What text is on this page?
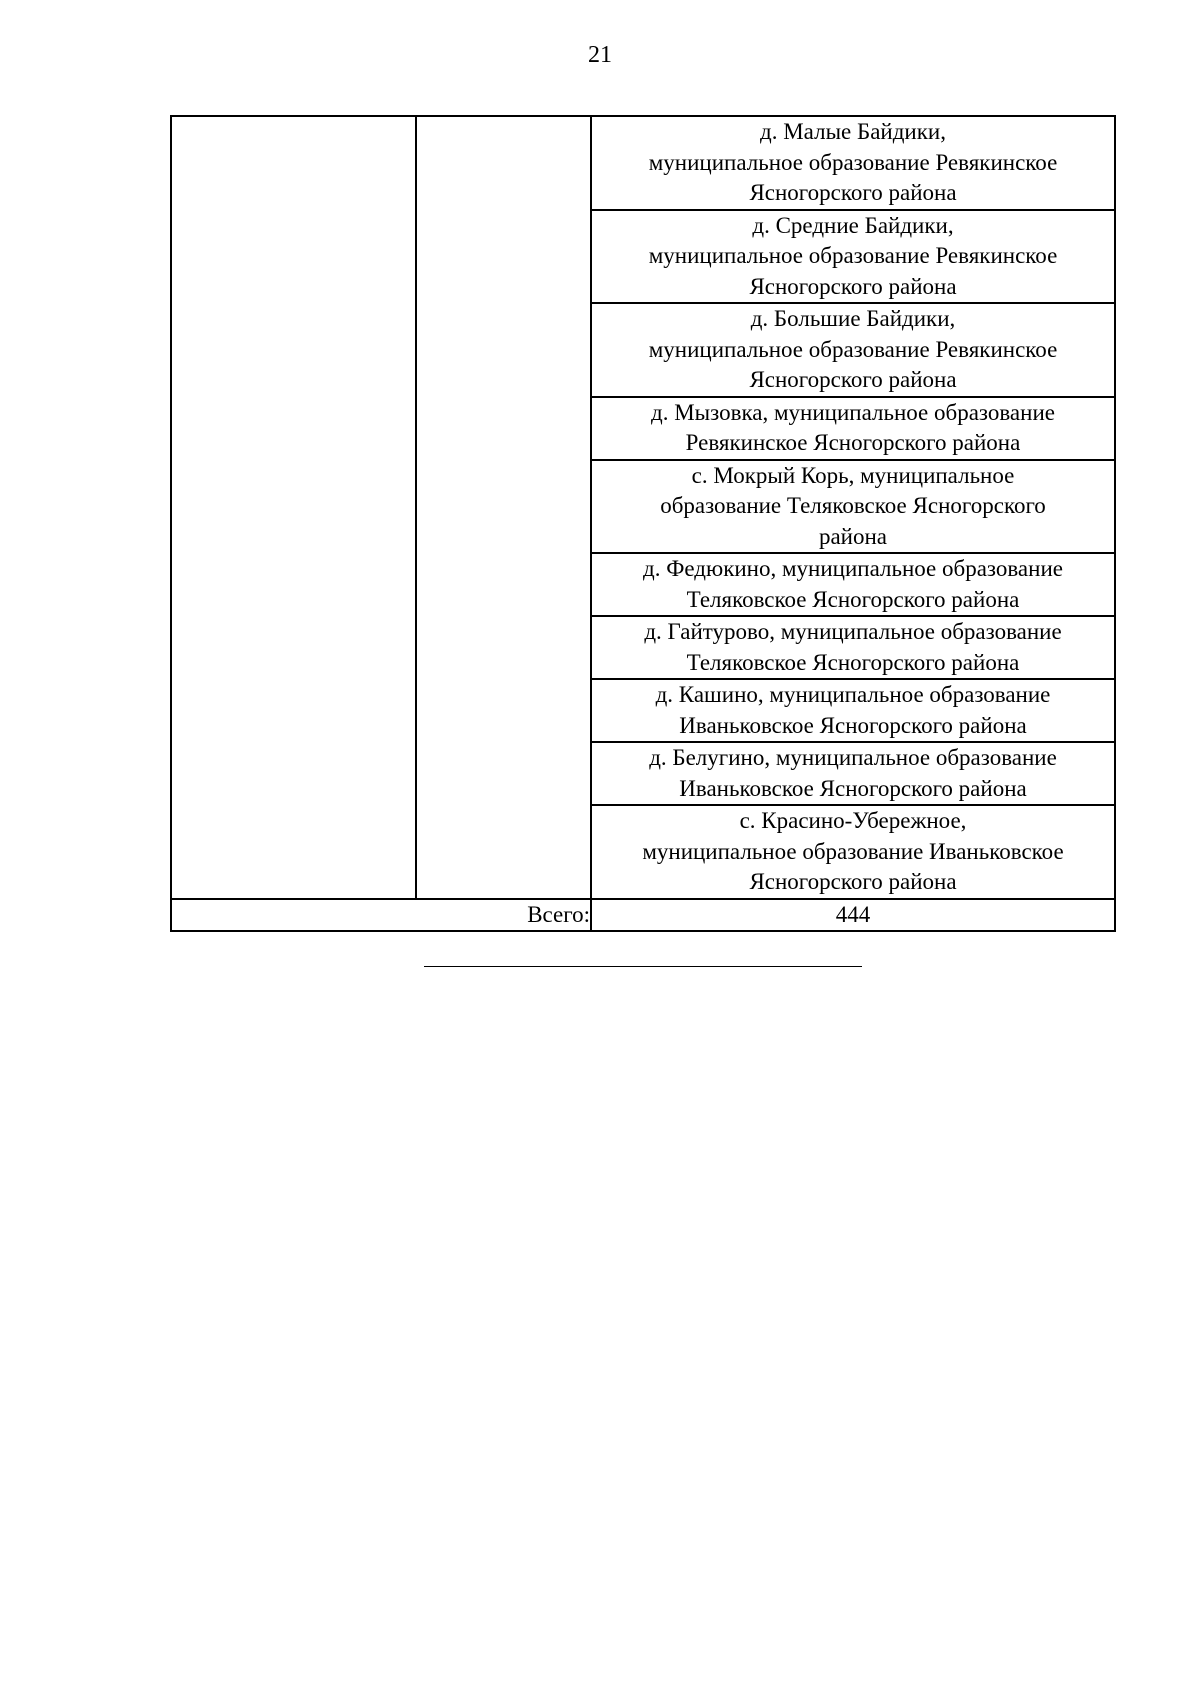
21
		д. Малые Байдики,
муниципальное образование Ревякинское
Ясногорского района
		д. Средние Байдики,
муниципальное образование Ревякинское
Ясногорского района
		д. Большие Байдики,
муниципальное образование Ревякинское
Ясногорского района
		д. Мызовка, муниципальное образование
Ревякинское Ясногорского района
		с. Мокрый Корь, муниципальное
образование Теляковское Ясногорского
района
		д. Федюкино, муниципальное образование
Теляковское Ясногорского района
		д. Гайтурово, муниципальное образование
Теляковское Ясногорского района
		д. Кашино, муниципальное образование
Иваньковское Ясногорского района
		д. Белугино, муниципальное образование
Иваньковское Ясногорского района
		с. Красино-Убережное,
муниципальное образование Иваньковское
Ясногорского района
Всего:		444
